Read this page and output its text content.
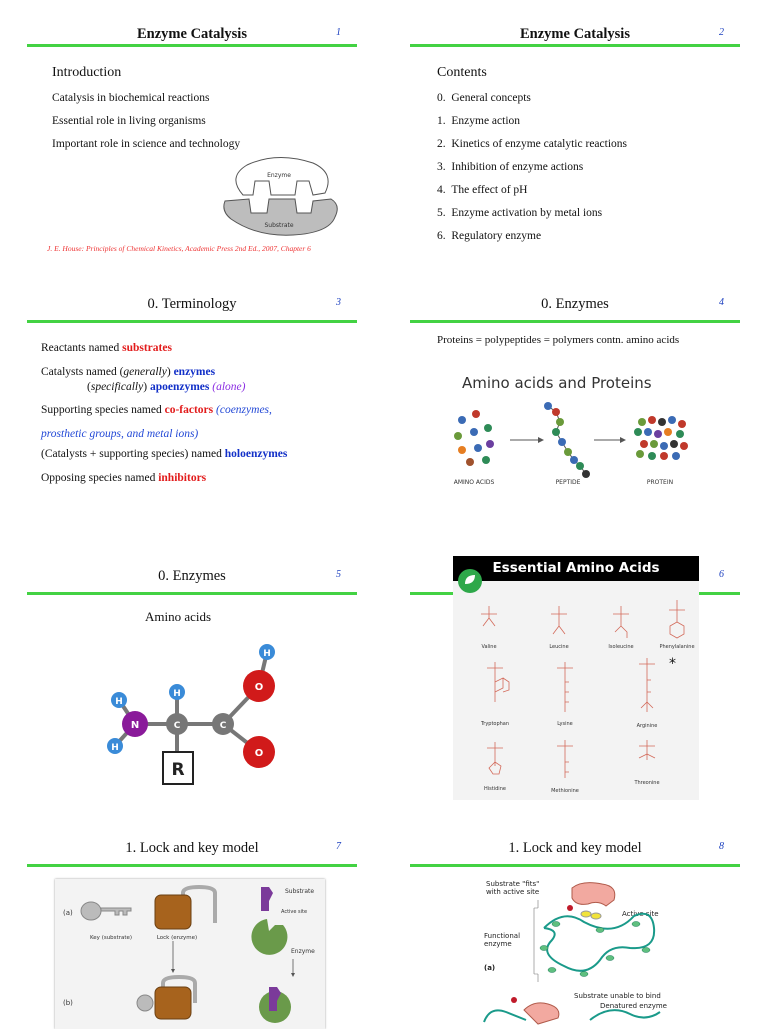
Enzyme Catalysis	1
Introduction
Catalysis in biochemical reactions
Essential role in living organisms
Important role in science and technology
Enzyme
Substrate
J. E. House: Principles of Chemical Kinetics, Academic Press 2nd Ed., 2007, Chapter 6
Enzyme Catalysis	2
Contents
0. General concepts
1. Enzyme action
2. Kinetics of enzyme catalytic reactions
3. Inhibition of enzyme actions
4. The effect of pH
5. Enzyme activation by metal ions
6. Regulatory enzyme
0. Terminology	3
Reactants named substrates
Catalysts named (generally) enzymes
(specifically) apoenzymes (alone)
Supporting species named co-factors (coenzymes,
prosthetic groups, and metal ions)
(Catalysts + supporting species) named holoenzymes
Opposing species named inhibitors
0. Enzymes	4
Proteins = polypeptides = polymers contn. amino acids
Amino acids and Proteins
AMINO ACIDS	PEPTIDE	PROTEIN
0. Enzymes	5
Amino acids
R
N	C	C
O
O
H
H
H
H
Essential Amino Acids
Valine	Leucine	Isoleucine	Phenylalanine
Tryptophan	Lysine	Arginine
Histidine	Methionine
Threonine
*
6
1. Lock and key model	7
(a)
(b)
Key (substrate)	Lock (enzyme)
Substrate
Active site
Enzyme
1. Lock and key model	8
Substrate "fits"
with active site
Active site
Functional
enzyme
(a)
Substrate unable to bind
Denatured enzyme
